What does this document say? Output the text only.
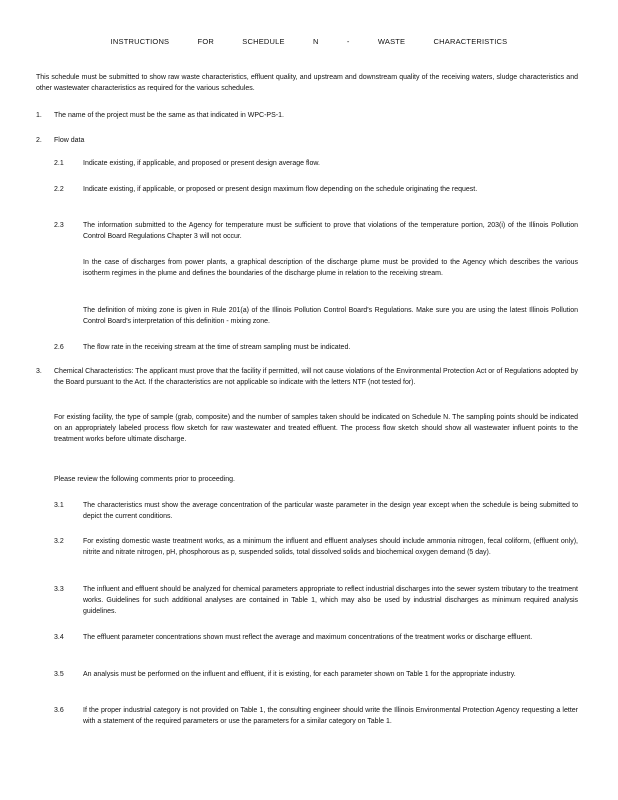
INSTRUCTIONS FOR SCHEDULE N - WASTE CHARACTERISTICS
This schedule must be submitted to show raw waste characteristics, effluent quality, and upstream and downstream quality of the receiving waters, sludge characteristics and other wastewater characteristics as required for the various schedules.
1. The name of the project must be the same as that indicated in WPC-PS-1.
2. Flow data
2.1	Indicate existing, if applicable, and proposed or present design average flow.
2.2	Indicate existing, if applicable, or proposed or present design maximum flow depending on the schedule originating the request.
2.3	The information submitted to the Agency for temperature must be sufficient to prove that violations of the temperature portion, 203(i) of the Illinois Pollution Control Board Regulations Chapter 3 will not occur.
In the case of discharges from power plants, a graphical description of the discharge plume must be provided to the Agency which describes the various isotherm regimes in the plume and defines the boundaries of the discharge plume in relation to the receiving stream.
The definition of mixing zone is given in Rule 201(a) of the Illinois Pollution Control Board's Regulations. Make sure you are using the latest Illinois Pollution Control Board's interpretation of this definition - mixing zone.
2.6	The flow rate in the receiving stream at the time of stream sampling must be indicated.
3. Chemical Characteristics: The applicant must prove that the facility if permitted, will not cause violations of the Environmental Protection Act or of Regulations adopted by the Board pursuant to the Act. If the characteristics are not applicable so indicate with the letters NTF (not tested for).
For existing facility, the type of sample (grab, composite) and the number of samples taken should be indicated on Schedule N. The sampling points should be indicated on an appropriately labeled process flow sketch for raw wastewater and treated effluent. The process flow sketch should show all wastewater influent points to the treatment works before ultimate discharge.
Please review the following comments prior to proceeding.
3.1	The characteristics must show the average concentration of the particular waste parameter in the design year except when the schedule is being submitted to depict the current conditions.
3.2	For existing domestic waste treatment works, as a minimum the influent and effluent analyses should include ammonia nitrogen, fecal coliform, (effluent only), nitrite and nitrate nitrogen, pH, phosphorous as p, suspended solids, total dissolved solids and biochemical oxygen demand (5 day).
3.3	The influent and effluent should be analyzed for chemical parameters appropriate to reflect industrial discharges into the sewer system tributary to the treatment works. Guidelines for such additional analyses are contained in Table 1, which may also be used by industrial discharges as minimum required analysis guidelines.
3.4	The effluent parameter concentrations shown must reflect the average and maximum concentrations of the treatment works or discharge effluent.
3.5	An analysis must be performed on the influent and effluent, if it is existing, for each parameter shown on Table 1 for the appropriate industry.
3.6	If the proper industrial category is not provided on Table 1, the consulting engineer should write the Illinois Environmental Protection Agency requesting a letter with a statement of the required parameters or use the parameters for a similar category on Table 1.
